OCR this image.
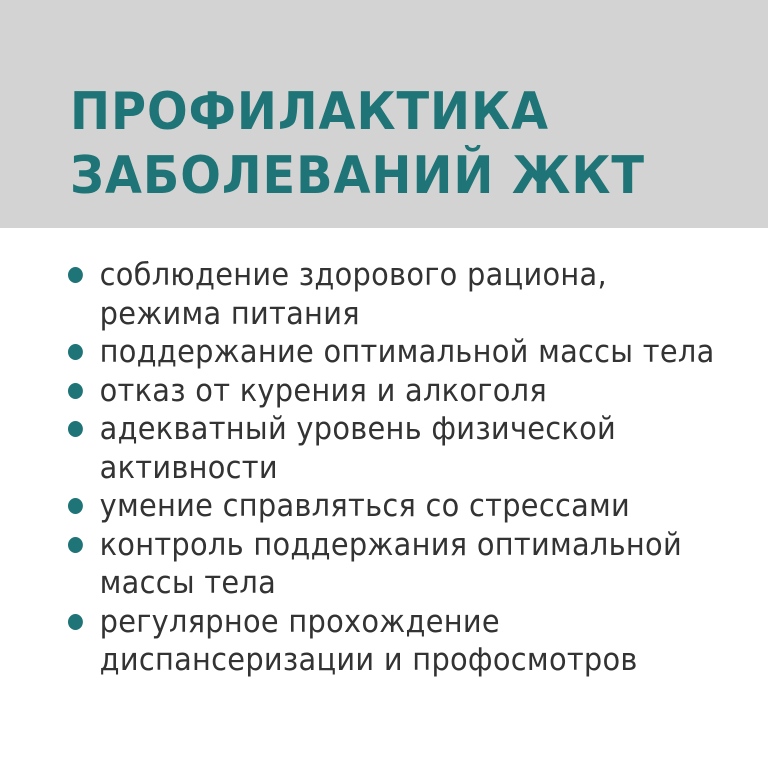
ПРОФИЛАКТИКА
ЗАБОЛЕВАНИЙ ЖКТ
соблюдение здорового рациона,
режима питания
поддержание оптимальной массы тела
отказ от курения и алкоголя
адекватный уровень физической
активности
умение справляться со стрессами
контроль поддержания оптимальной
массы тела
регулярное прохождение
диспансеризации и профосмотров
